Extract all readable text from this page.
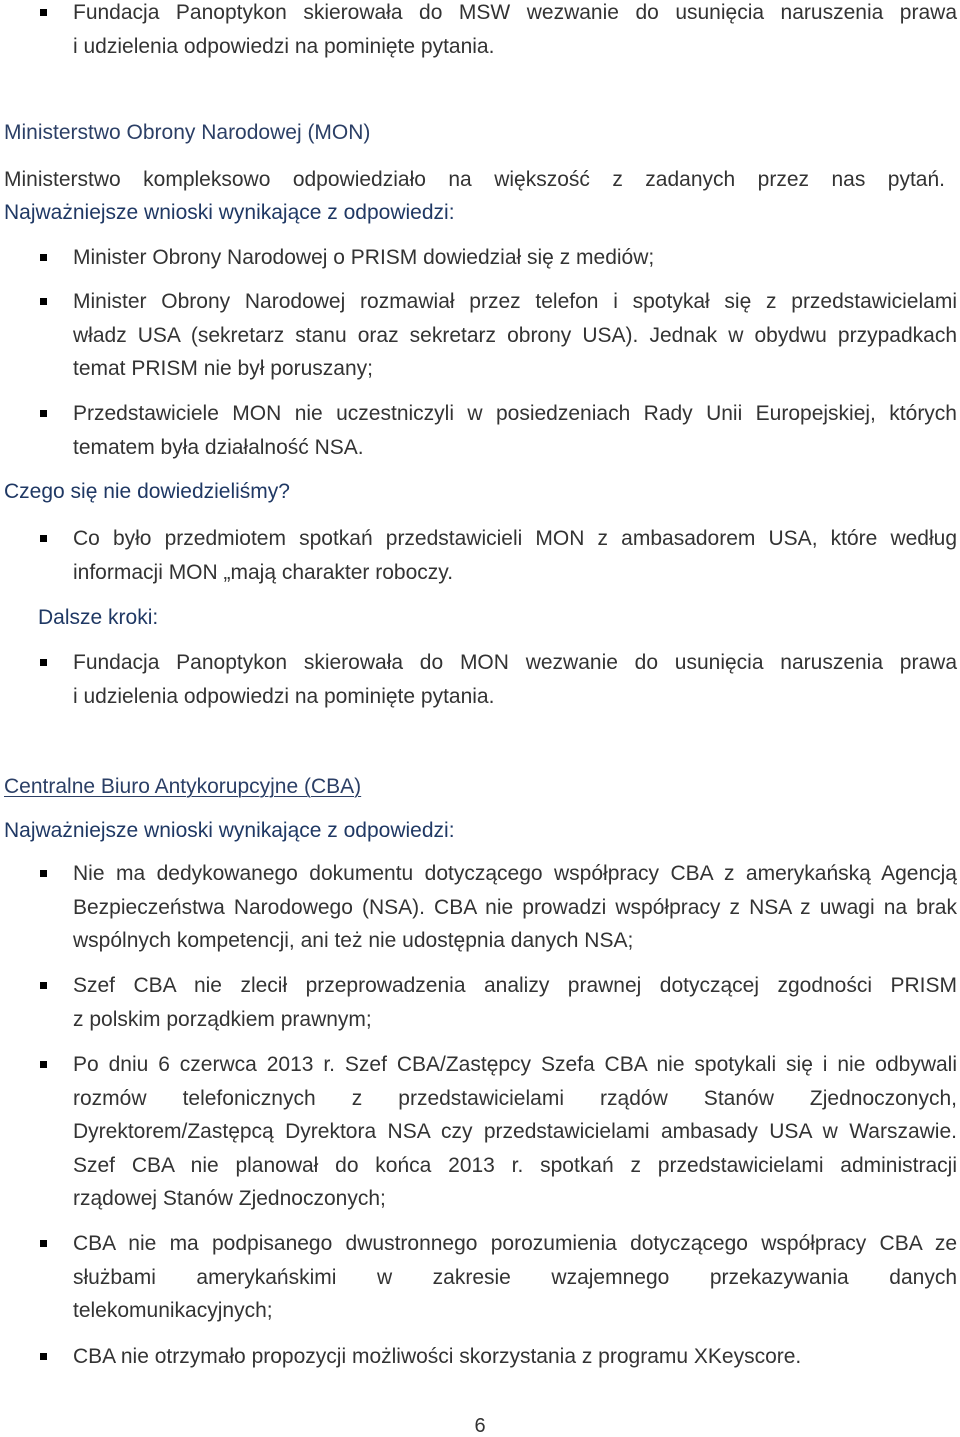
Fundacja Panoptykon skierowała do MSW wezwanie do usunięcia naruszenia prawa
i udzielenia odpowiedzi na pominięte pytania.
Ministerstwo Obrony Narodowej (MON)
Ministerstwo kompleksowo odpowiedziało na większość z zadanych przez nas pytań.
Najważniejsze wnioski wynikające z odpowiedzi:
Minister Obrony Narodowej o PRISM dowiedział się z mediów;
Minister Obrony Narodowej rozmawiał przez telefon i spotykał się z przedstawicielami
władz USA (sekretarz stanu oraz sekretarz obrony USA). Jednak w obydwu przypadkach
temat PRISM nie był poruszany;
Przedstawiciele MON nie uczestniczyli w posiedzeniach Rady Unii Europejskiej, których
tematem była działalność NSA.
Czego się nie dowiedzieliśmy?
Co było przedmiotem spotkań przedstawicieli MON z ambasadorem USA, które według
informacji MON „mają charakter roboczy.
Dalsze kroki:
Fundacja Panoptykon skierowała do MON wezwanie do usunięcia naruszenia prawa
i udzielenia odpowiedzi na pominięte pytania.
Centralne Biuro Antykorupcyjne (CBA)
Najważniejsze wnioski wynikające z odpowiedzi:
Nie ma dedykowanego dokumentu dotyczącego współpracy CBA z amerykańską Agencją
Bezpieczeństwa Narodowego (NSA). CBA nie prowadzi współpracy z NSA z uwagi na brak
wspólnych kompetencji, ani też nie udostępnia danych NSA;
Szef CBA nie zlecił przeprowadzenia analizy prawnej dotyczącej zgodności PRISM
z polskim porządkiem prawnym;
Po dniu 6 czerwca 2013 r. Szef CBA/Zastępcy Szefa CBA nie spotykali się i nie odbywali
rozmów telefonicznych z przedstawicielami rządów Stanów Zjednoczonych,
Dyrektorem/Zastępcą Dyrektora NSA czy przedstawicielami ambasady USA w Warszawie.
Szef CBA nie planował do końca 2013 r. spotkań z przedstawicielami administracji
rządowej Stanów Zjednoczonych;
CBA nie ma podpisanego dwustronnego porozumienia dotyczącego współpracy CBA ze
służbami amerykańskimi w zakresie wzajemnego przekazywania danych
telekomunikacyjnych;
CBA nie otrzymało propozycji możliwości skorzystania z programu XKeyscore.
6
